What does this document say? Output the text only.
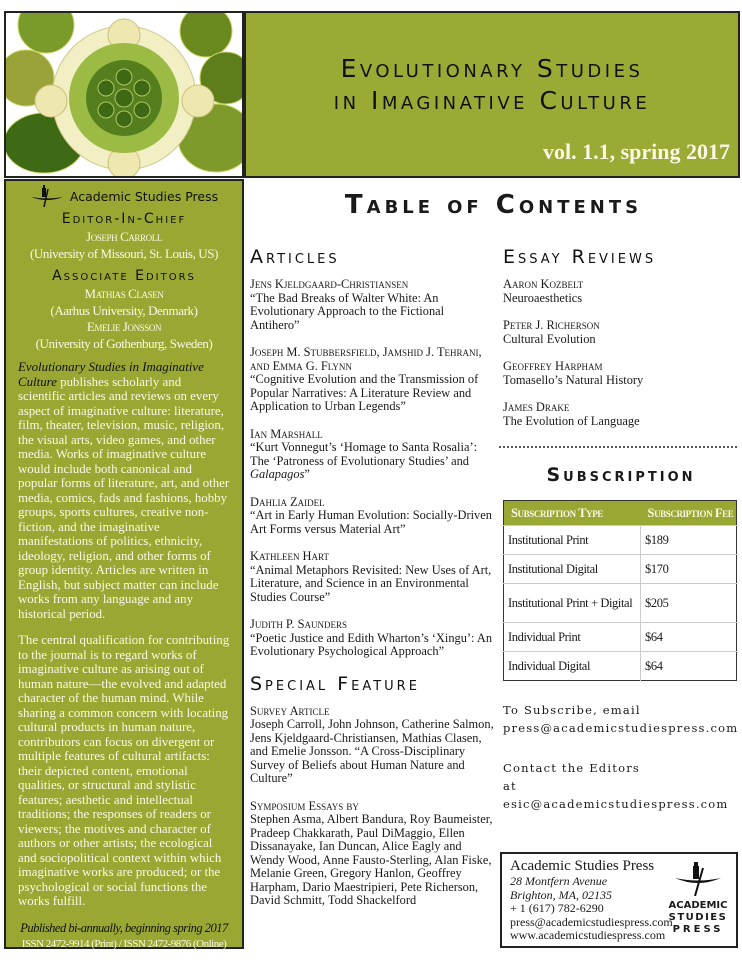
Evolutionary Studies
in Imaginative Culture
vol. 1.1, spring 2017
Academic Studies Press
Editor-In-Chief
Joseph Carroll
(University of Missouri, St. Louis, US)
Associate Editors
Mathias Clasen
(Aarhus University, Denmark)
Emelie Jonsson
(University of Gothenburg, Sweden)

Evolutionary Studies in Imaginative Culture publishes scholarly and scientific articles and reviews on every aspect of imaginative culture: literature, film, theater, television, music, religion, the visual arts, video games, and other media. Works of imaginative culture would include both canonical and popular forms of literature, art, and other media, comics, fads and fashions, hobby groups, sports cultures, creative non-fiction, and the imaginative manifestations of politics, ethnicity, ideology, religion, and other forms of group identity. Articles are written in English, but subject matter can include works from any language and any historical period.

The central qualification for contributing to the journal is to regard works of imaginative culture as arising out of human nature—the evolved and adapted character of the human mind. While sharing a common concern with locating cultural products in human nature, contributors can focus on divergent or multiple features of cultural artifacts: their depicted content, emotional qualities, or structural and stylistic features; aesthetic and intellectual traditions; the responses of readers or viewers; the motives and character of authors or other artists; the ecological and sociopolitical context within which imaginative works are produced; or the psychological or social functions the works fulfill.

Published bi-annually, beginning spring 2017
ISSN 2472-9914 (Print) / ISSN 2472-9876 (Online)
Table of Contents
Articles
Jens Kjeldgaard-Christiansen
“The Bad Breaks of Walter White: An Evolutionary Approach to the Fictional Antihero”
Joseph M. Stubbersfield, Jamshid J. Tehrani, and Emma G. Flynn
“Cognitive Evolution and the Transmission of Popular Narratives: A Literature Review and Application to Urban Legends”
Ian Marshall
“Kurt Vonnegut’s ‘Homage to Santa Rosalia’: The ‘Patroness of Evolutionary Studies’ and Galapagos”
Dahlia Zaidel
“Art in Early Human Evolution: Socially-Driven Art Forms versus Material Art”
Kathleen Hart
“Animal Metaphors Revisited: New Uses of Art, Literature, and Science in an Environmental Studies Course”
Judith P. Saunders
“Poetic Justice and Edith Wharton’s ‘Xingu’: An Evolutionary Psychological Approach”
Special Feature
Survey Article
Joseph Carroll, John Johnson, Catherine Salmon, Jens Kjeldgaard-Christiansen, Mathias Clasen, and Emelie Jonsson. “A Cross-Disciplinary Survey of Beliefs about Human Nature and Culture”
Symposium Essays by
Stephen Asma, Albert Bandura, Roy Baumeister, Pradeep Chakkarath, Paul DiMaggio, Ellen Dissanayake, Ian Duncan, Alice Eagly and Wendy Wood, Anne Fausto-Sterling, Alan Fiske, Melanie Green, Gregory Hanlon, Geoffrey Harpham, Dario Maestripieri, Pete Richerson, David Schmitt, Todd Shackelford
Essay Reviews
Aaron Kozbelt
Neuroaesthetics
Peter J. Richerson
Cultural Evolution
Geoffrey Harpham
Tomasello’s Natural History
James Drake
The Evolution of Language
Subscription
Subscription Type	Subscription Fee
Institutional Print	$189
Institutional Digital	$170
Institutional Print + Digital	$205
Individual Print	$64
Individual Digital	$64
To Subscribe, email
press@academicstudiespress.com
Contact the Editors
at esic@academicstudiespress.com
Academic Studies Press
28 Montfern Avenue
Brighton, MA, 02135
+ 1 (617) 782-6290
press@academicstudiespress.com
www.academicstudiespress.com
ACADEMIC
STUDIES
PRESS
